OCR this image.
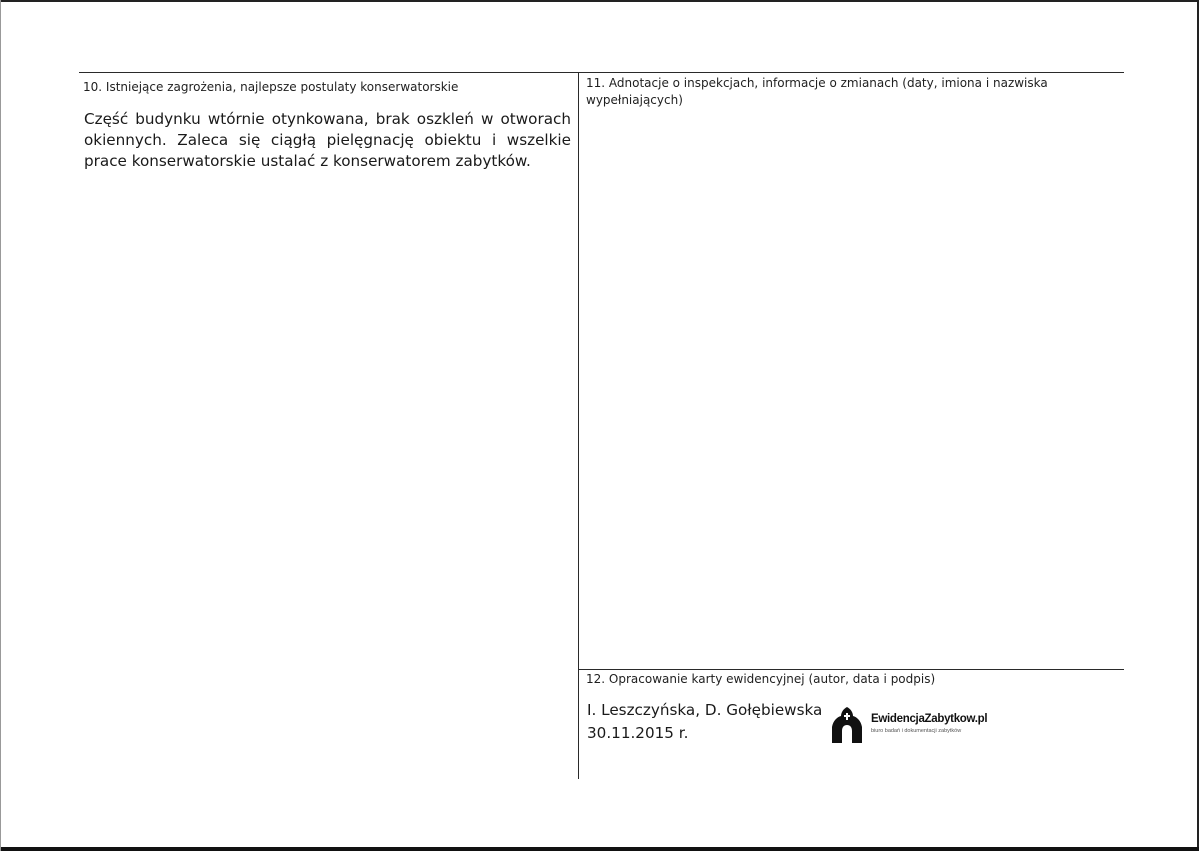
10. Istniejące zagrożenia, najlepsze postulaty konserwatorskie
Część budynku wtórnie otynkowana, brak oszkleń w otworach okiennych. Zaleca się ciągłą pielęgnację obiektu i wszelkie prace konserwatorskie ustalać z konserwatorem zabytków.
11. Adnotacje o inspekcjach, informacje o zmianach (daty, imiona i nazwiska wypełniających)
12. Opracowanie karty ewidencyjnej (autor, data i podpis)
I. Leszczyńska, D. Gołębiewska
30.11.2015 r.
EwidencjaZabytkow.pl
biuro badań i dokumentacji zabytków
